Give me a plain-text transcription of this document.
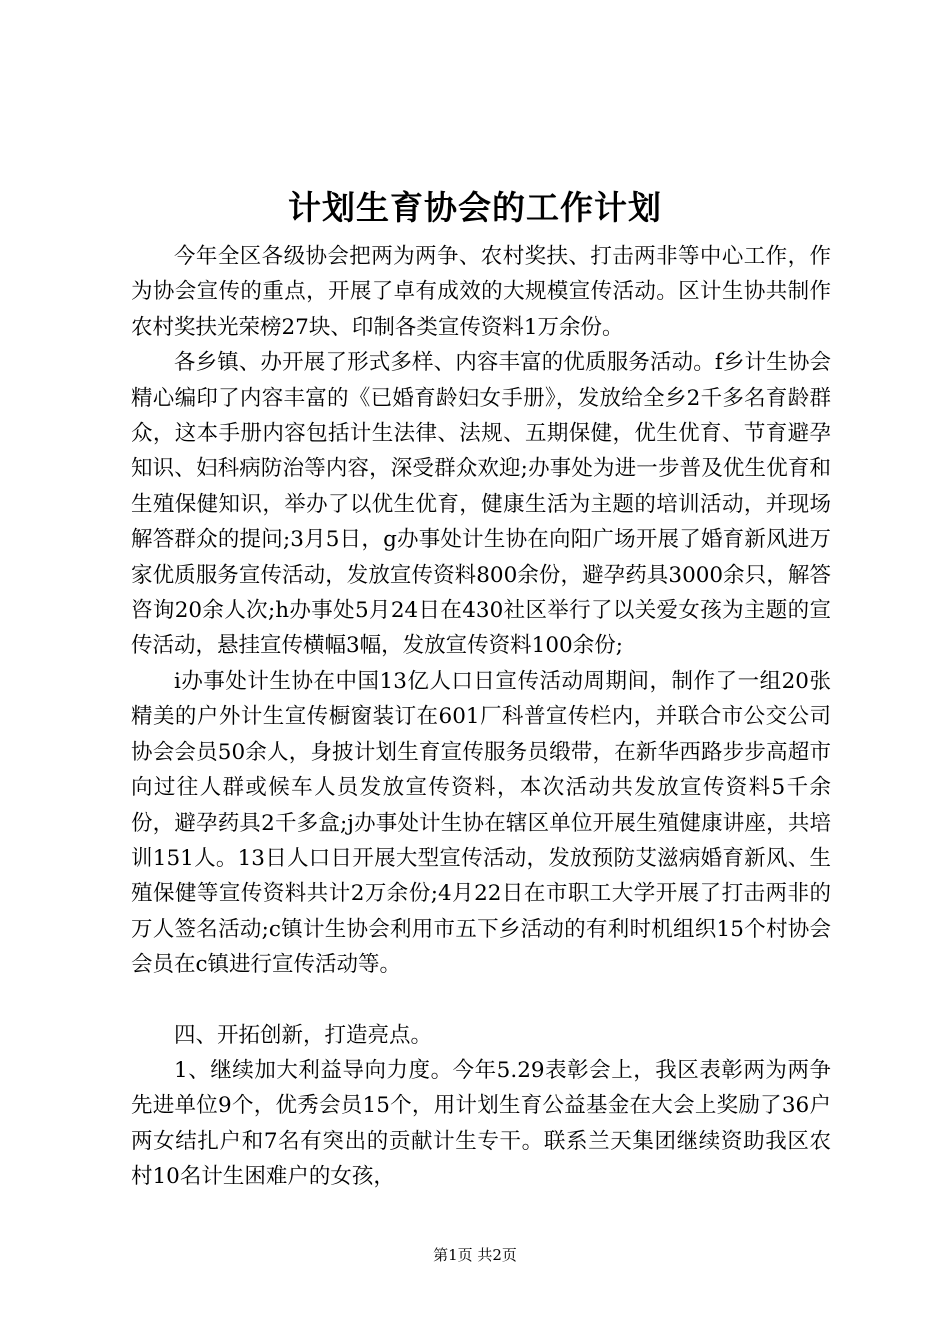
计划生育协会的工作计划

今年全区各级协会把两为两争、农村奖扶、打击两非等中心工作，作为协会宣传的重点，开展了卓有成效的大规模宣传活动。区计生协共制作农村奖扶光荣榜27块、印制各类宣传资料1万余份。

各乡镇、办开展了形式多样、内容丰富的优质服务活动。f乡计生协会精心编印了内容丰富的《已婚育龄妇女手册》，发放给全乡2千多名育龄群众，这本手册内容包括计生法律、法规、五期保健，优生优育、节育避孕知识、妇科病防治等内容，深受群众欢迎;办事处为进一步普及优生优育和生殖保健知识，举办了以优生优育，健康生活为主题的培训活动，并现场解答群众的提问;3月5日，g办事处计生协在向阳广场开展了婚育新风进万家优质服务宣传活动，发放宣传资料800余份，避孕药具3000余只，解答咨询20余人次;h办事处5月24日在430社区举行了以关爱女孩为主题的宣传活动，悬挂宣传横幅3幅，发放宣传资料100余份;

i办事处计生协在中国13亿人口日宣传活动周期间，制作了一组20张精美的户外计生宣传橱窗装订在601厂科普宣传栏内，并联合市公交公司协会会员50余人，身披计划生育宣传服务员缎带，在新华西路步步高超市向过往人群或候车人员发放宣传资料，本次活动共发放宣传资料5千余份，避孕药具2千多盒;j办事处计生协在辖区单位开展生殖健康讲座，共培训151人。13日人口日开展大型宣传活动，发放预防艾滋病婚育新风、生殖保健等宣传资料共计2万余份;4月22日在市职工大学开展了打击两非的万人签名活动;c镇计生协会利用市五下乡活动的有利时机组织15个村协会会员在c镇进行宣传活动等。

四、开拓创新，打造亮点。

1、继续加大利益导向力度。今年5.29表彰会上，我区表彰两为两争先进单位9个，优秀会员15个，用计划生育公益基金在大会上奖励了36户两女结扎户和7名有突出的贡献计生专干。联系兰天集团继续资助我区农村10名计生困难户的女孩，

第1页 共2页
